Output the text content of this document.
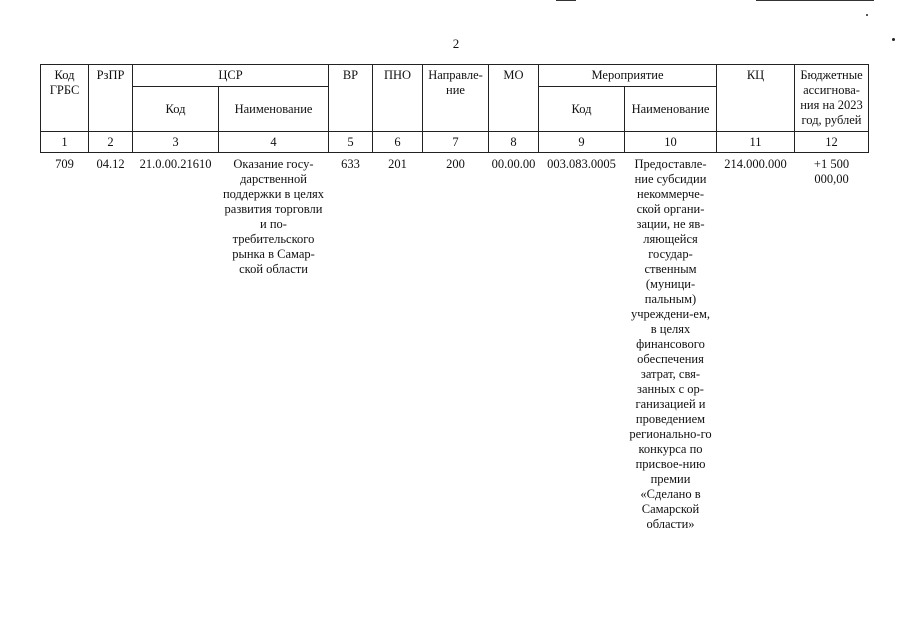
2
Код ГРБС	РзПР	ЦСР		ВР	ПНО	Направле-ние	МО	Мероприятие		КЦ	Бюджетные ассигнова-ния на 2023 год, рублей
		Код	Наименование					Код	Наименование		
1	2	3	4	5	6	7	8	9	10	11	12
709	04.12	21.0.00.21610	Оказание госу-дарственной поддержки в целях развития торговли и по-требительского рынка в Самар-ской области	633	201	200	00.00.00	003.083.0005	Предоставле-ние субсидии некоммерче-ской органи-зации, не яв-ляющейся государ-ственным (муници-пальным) учреждени-ем, в целях финансового обеспечения затрат, свя-занных с ор-ганизацией и проведением регионально-го конкурса по присвое-нию премии «Сделано в Самарской области»	214.000.000	+1 500 000,00
